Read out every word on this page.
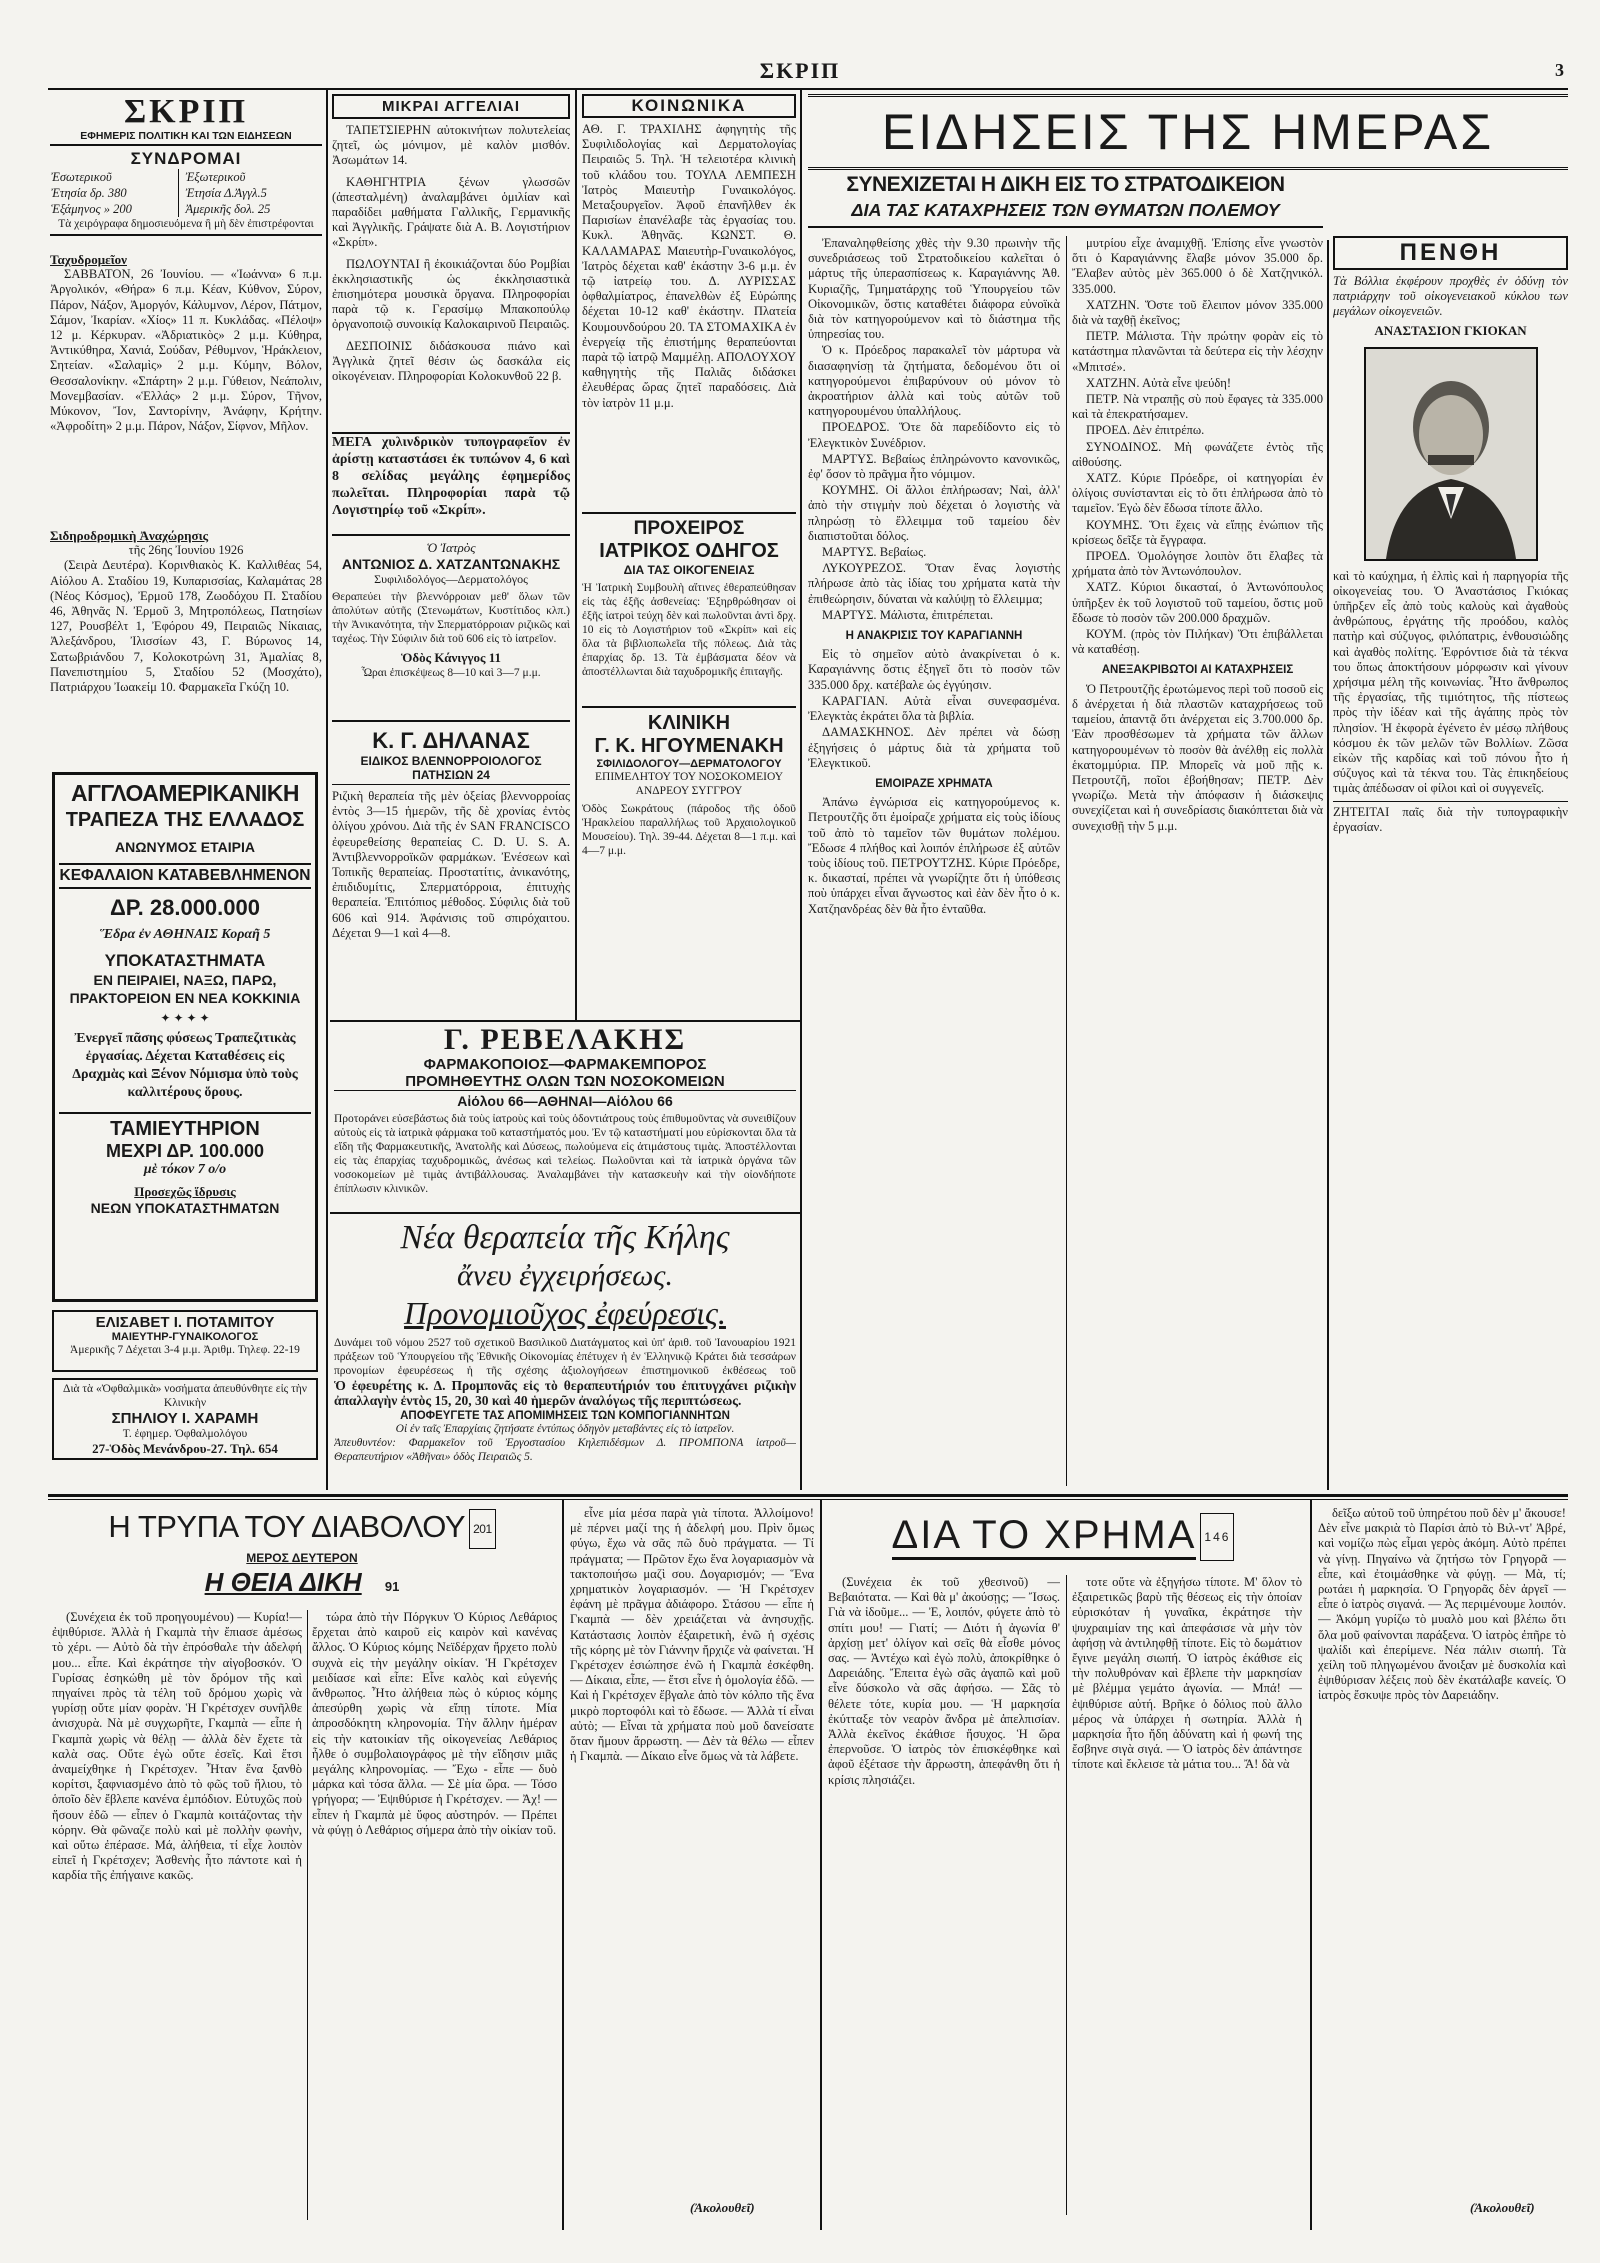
ΣΚΡΙΠ	3
ΣΚΡΙΠ
ΕΦΗΜΕΡΙΣ ΠΟΛΙΤΙΚΗ ΚΑΙ ΤΩΝ ΕΙΔΗΣΕΩΝ
ΣΥΝΔΡΟΜΑΙ
Ἐσωτερικοῦ	Ἐξωτερικοῦ
Ἐτησία δρ. 380	Ἐτησία Δ.Ἀγγλ.5
Ἑξάμηνος » 200	Ἀμερικῆς δολ. 25
Τὰ χειρόγραφα δημοσιευόμενα ἢ μὴ δὲν ἐπιστρέφονται
Ταχυδρομεῖον

ΣΑΒΒΑΤΟΝ, 26 Ἰουνίου. — «Ἰωάννα» 6 π.μ. Ἀργολικόν, «Θήρα» 6 π.μ. Κέαν, Κύθνον, Σύρον, Πάρον, Νάξον, Ἀμοργόν, Κάλυμνον, Λέρον, Πάτμον, Σάμον, Ἰκαρίαν. «Χίος» 11 π. Κυκλάδας. «Πέλοψ» 12 μ. Κέρκυραν. «Ἀδριατικὸς» 2 μ.μ. Κύθηρα, Ἀντικύθηρα, Χανιά, Σούδαν, Ρέθυμνον, Ἡράκλειον, Σητείαν. «Σαλαμὶς» 2 μ.μ. Κύμην, Βόλον, Θεσσαλονίκην. «Σπάρτη» 2 μ.μ. Γύθειον, Νεάπολιν, Μονεμβασίαν. «Ἑλλάς» 2 μ.μ. Σύρον, Τῆνον, Μύκονον, Ἴον, Σαντορίνην, Ἀνάφην, Κρήτην. «Ἀφροδίτη» 2 μ.μ. Πάρον, Νάξον, Σίφνον, Μῆλον.

Σιδηροδρομικὴ Ἀναχώρησις
τῆς 26ης Ἰουνίου 1926

(Σειρὰ Δευτέρα). Κορινθιακὸς Κ. Καλλιθέας 54, Αἰόλου Α. Σταδίου 19, Κυπαρισσίας, Καλαμάτας 28 (Νέος Κόσμος), Ἐρμοῦ 178, Ζωοδόχου Π. Σταδίου 46, Ἀθηνᾶς Ν. Ἐρμοῦ 3, Μητροπόλεως, Πατησίων 127, Ρουσβέλτ 1, Ἐφόρου 49, Πειραιῶς Νίκαιας, Ἀλεξάνδρου, Ἰλισσίων 43, Γ. Βύρωνος 14, Σατωβριάνδου 7, Κολοκοτρώνη 31, Ἀμαλίας 8, Πανεπιστημίου 5, Σταδίου 52 (Μοσχάτο), Πατριάρχου Ἰωακείμ 10. Φαρμακεῖα Γκύζη 10.

ΑΓΓΛΟΑΜΕΡΙΚΑΝΙΚΗ
ΤΡΑΠΕΖΑ ΤΗΣ ΕΛΛΑΔΟΣ
ΑΝΩΝΥΜΟΣ ΕΤΑΙΡΙΑ
ΚΕΦΑΛΑΙΟΝ ΚΑΤΑΒΕΒΛΗΜΕΝΟΝ
ΔΡ. 28.000.000
Ἕδρα ἐν ΑΘΗΝΑΙΣ Κοραῆ 5
ΥΠΟΚΑΤΑΣΤΗΜΑΤΑ
ΕΝ ΠΕΙΡΑΙΕΙ, ΝΑΞΩ, ΠΑΡΩ, ΠΡΑΚΤΟΡΕΙΟΝ ΕΝ ΝΕΑ ΚΟΚΚΙΝΙΑ
✦ ✦ ✦ ✦
Ἐνεργεῖ πᾶσης φύσεως Τραπεζιτικὰς ἐργασίας. Δέχεται Καταθέσεις εἰς Δραχμὰς καὶ Ξένον Νόμισμα ὑπὸ τοὺς καλλιτέρους ὅρους.
ΤΑΜΙΕΥΤΗΡΙΟΝ
ΜΕΧΡΙ ΔΡ. 100.000
μὲ τόκον 7 ο/ο
Προσεχῶς ἵδρυσις
ΝΕΩΝ ΥΠΟΚΑΤΑΣΤΗΜΑΤΩΝ
ΕΛΙΣΑΒΕΤ Ι. ΠΟΤΑΜΙΤΟΥ
ΜΑΙΕΥΤΗΡ-ΓΥΝΑΙΚΟΛΟΓΟΣ
Ἀμερικῆς 7 Δέχεται 3-4 μ.μ. Ἀριθμ. Τηλεφ. 22-19
Διὰ τὰ «Ὀφθαλμικὰ» νοσήματα ἀπευθύνθητε εἰς τὴν Κλινικὴν
ΣΠΗΛΙΟΥ Ι. ΧΑΡΑΜΗ
Τ. ἐφημερ. Ὀφθαλμολόγου
27-Ὁδὸς Μενάνδρου-27. Τηλ. 654
ΜΙΚΡΑΙ ΑΓΓΕΛΙΑΙ

ΤΑΠΕΤΣΙΕΡΗΝ αὐτοκινήτων πολυτελείας ζητεῖ, ὡς μόνιμον, μὲ καλὸν μισθόν. Ἀσωμάτων 14.

ΚΑΘΗΓΗΤΡΙΑ ξένων γλωσσῶν (ἀπεσταλμένη) ἀναλαμβάνει ὁμιλίαν καὶ παραδίδει μαθήματα Γαλλικῆς, Γερμανικῆς καὶ Ἀγγλικῆς. Γράψατε διὰ Α. Β. Λογιστήριον «Σκρίπ».

ΠΩΛΟΥΝΤΑΙ ἢ ἐκοικιάζονται δύο Ρομβίαι ἐκκλησιαστικῆς ὡς ἐκκλησιαστικὰ ἐπισημότερα μουσικὰ ὄργανα. Πληροφορίαι παρὰ τῷ κ. Γερασίμῳ Μπακοπούλῳ ὀργανοποιῷ συνοικίᾳ Καλοκαιρινοῦ Πειραιῶς.

ΔΕΣΠΟΙΝΙΣ διδάσκουσα πιάνο καὶ Ἀγγλικὰ ζητεῖ θέσιν ὡς δασκάλα εἰς οἰκογένειαν. Πληροφορίαι Κολοκυνθοῦ 22 β.

ΜΕΓΑ χυλινδρικὸν τυπογραφεῖον ἐν ἀρίστῃ καταστάσει ἐκ τυπώνον 4, 6 καὶ 8 σελίδας μεγάλης ἐφημερίδος πωλεῖται. Πληροφορίαι παρὰ τῷ Λογιστηρίῳ τοῦ «Σκρίπ».
Ὁ Ἰατρὸς
ΑΝΤΩΝΙΟΣ Δ. ΧΑΤΖΑΝΤΩΝΑΚΗΣ
Συφιλιδολόγος—Δερματολόγος
Θεραπεύει τὴν βλεννόρροιαν μεθ' ὅλων τῶν ἀπολύτων αὐτῆς (Στενωμάτων, Κυστίτιδος κλπ.) τὴν Ἀνικανότητα, τὴν Σπερματόρροιαν ριζικῶς καὶ ταχέως. Τὴν Σύφιλιν διὰ τοῦ 606 εἰς τὸ ἰατρεῖον.
Ὁδὸς Κάνιγγος 11
Ὧραι ἐπισκέψεως 8—10 καὶ 3—7 μ.μ.
Κ. Γ. ΔΗΛΑΝΑΣ
ΕΙΔΙΚΟΣ ΒΛΕΝΝΟΡΡΟΙΟΛΟΓΟΣ
ΠΑΤΗΣΙΩΝ 24
Ριζικὴ θεραπεία τῆς μὲν ὀξείας βλεννορροίας ἐντὸς 3—15 ἡμερῶν, τῆς δὲ χρονίας ἐντὸς ὀλίγου χρόνου. Διὰ τῆς ἐν SAN FRANCISCO ἐφευρεθείσης θεραπείας C. D. U. S. A. Ἀντιβλεννορροϊκῶν φαρμάκων. Ἐνέσεων καὶ Τοπικῆς θεραπείας. Προστατίτις, ἀνικανότης, ἐπιδιδυμίτις, Σπερματόρροια, ἐπιτυχὴς θεραπεία. Ἐπιτόπιος μέθοδος. Σύφιλις διὰ τοῦ 606 καὶ 914. Ἀφάνισις τοῦ σπιρόχαιτου. Δέχεται 9—1 καὶ 4—8.
ΚΟΙΝΩΝΙΚΑ
ΑΘ. Γ. ΤΡΑΧΙΛΗΣ ἀφηγητὴς τῆς Συφιλιδολογίας καὶ Δερματολογίας Πειραιῶς 5. Τηλ. Ἡ τελειοτέρα κλινικὴ τοῦ κλάδου του. ΤΟΥΛΑ ΛΕΜΠΕΣΗ Ἰατρὸς Μαιευτὴρ Γυναικολόγος. Μεταξουργεῖον. Ἀφοῦ ἐπανῆλθεν ἐκ Παρισίων ἐπανέλαβε τὰς ἐργασίας του. Κυκλ. Ἀθηνᾶς. ΚΩΝΣΤ. Θ. ΚΑΛΑΜΑΡΑΣ Μαιευτὴρ-Γυναικολόγος, Ἰατρὸς δέχεται καθ' ἑκάστην 3-6 μ.μ. ἐν τῷ ἰατρείῳ του. Δ. ΛΥΡΙΣΣΑΣ ὀφθαλμίατρος, ἐπανελθὼν ἐξ Εὐρώπης δέχεται 10-12 καθ' ἑκάστην. Πλατεία Κουμουνδούρου 20. ΤΑ ΣΤΟΜΑΧΙΚΑ ἐν ἐνεργείᾳ τῆς ἐπιστήμης θεραπεύονται παρὰ τῷ ἰατρῷ Μαμμέλῃ. ΑΠΟΛΟΥΧΟΥ καθηγητὴς τῆς Παλιᾶς διδάσκει ἐλευθέρας ὥρας ζητεῖ παραδόσεις. Διὰ τὸν ἰατρὸν 11 μ.μ.
ΠΡΟΧΕΙΡΟΣ
ΙΑΤΡΙΚΟΣ ΟΔΗΓΟΣ
ΔΙΑ ΤΑΣ ΟΙΚΟΓΕΝΕΙΑΣ
Ἡ Ἰατρικὴ Συμβουλὴ αἵτινες ἐθεραπεύθησαν εἰς τὰς ἐξῆς ἀσθενείας: Ἐξηρθρώθησαν οἱ ἐξῆς ἰατροὶ τεύχη δὲν καὶ πωλοῦνται ἀντὶ δρχ. 10 εἰς τὸ Λογιστήριον τοῦ «Σκρίπ» καὶ εἰς ὅλα τὰ βιβλιοπωλεῖα τῆς πόλεως. Διὰ τὰς ἐπαρχίας δρ. 13. Τὰ ἐμβάσματα δέον νὰ ἀποστέλλωνται διὰ ταχυδρομικῆς ἐπιταγῆς.
ΚΛΙΝΙΚΗ
Γ. Κ. ΗΓΟΥΜΕΝΑΚΗ
ΣΦΙΛΙΔΟΛΟΓΟΥ—ΔΕΡΜΑΤΟΛΟΓΟΥ
ΕΠΙΜΕΛΗΤΟΥ ΤΟΥ ΝΟΣΟΚΟΜΕΙΟΥ ΑΝΔΡΕΟΥ ΣΥΓΓΡΟΥ
Ὁδὸς Σωκράτους (πάροδος τῆς ὁδοῦ Ἡρακλείου παραλλήλως τοῦ Ἀρχαιολογικοῦ Μουσείου). Τηλ. 39-44. Δέχεται 8—1 π.μ. καὶ 4—7 μ.μ.
Γ. ΡΕΒΕΛΑΚΗΣ
ΦΑΡΜΑΚΟΠΟΙΟΣ—ΦΑΡΜΑΚΕΜΠΟΡΟΣ
ΠΡΟΜΗΘΕΥΤΗΣ ΟΛΩΝ ΤΩΝ ΝΟΣΟΚΟΜΕΙΩΝ
Αἰόλου 66—ΑΘΗΝΑΙ—Αἰόλου 66
Προτοράνει εὐσεβάστως διὰ τοὺς ἰατροὺς καὶ τοὺς ὀδοντιάτρους τοὺς ἐπιθυμοῦντας νὰ συνειθίζουν αὐτοὺς εἰς τὰ ἰατρικὰ φάρμακα τοῦ καταστήματός μου. Ἐν τῷ καταστήματί μου εὑρίσκονται ὅλα τὰ εἴδη τῆς Φαρμακευτικῆς, Ἀνατολῆς καὶ Δύσεως, πωλούμενα εἰς ἀτιμάστους τιμὰς. Ἀποστέλλονται εἰς τὰς ἐπαρχίας ταχυδρομικῶς, ἀνέσως καὶ τελείως. Πωλοῦνται καὶ τὰ ἰατρικὰ ὀργάνα τῶν νοσοκομείων μὲ τιμὰς ἀντιβάλλουσας. Ἀναλαμβάνει τὴν κατασκευὴν καὶ τὴν οἰονδήποτε ἐπίπλωσιν κλινικῶν.
Νέα θεραπεία τῆς Κήλης
ἄνευ ἐγχειρήσεως.
Προνομιοῦχος ἐφεύρεσις.
Δυνάμει τοῦ νόμου 2527 τοῦ σχετικοῦ Βασιλικοῦ Διατάγματος καὶ ὑπ' ἀριθ. τοῦ Ἰανουαρίου 1921 πράξεων τοῦ Ὑπουργείου τῆς Ἐθνικῆς Οἰκονομίας ἐπέτυχεν ἡ ἐν Ἑλληνικῷ Κράτει διὰ τεσσάρων προνομίων ἐφευρέσεως ἡ τῆς σχέσης ἀξιολογήσεων ἐπιστημονικοῦ ἐκθέσεως τοῦ
Ὁ ἐφευρέτης κ. Δ. Προμπονᾶς εἰς τὸ θεραπευτήριόν του ἐπιτυγχάνει ριζικὴν ἀπαλλαγὴν ἐντὸς 15, 20, 30 καὶ 40 ἡμερῶν ἀναλόγως τῆς περιπτώσεως.
ΑΠΟΦΕΥΓΕΤΕ ΤΑΣ ΑΠΟΜΙΜΗΣΕΙΣ ΤΩΝ ΚΟΜΠΟΓΙΑΝΝΗΤΩΝ
Οἱ ἐν ταῖς Ἐπαρχίαις ζητήσατε ἐντύπως ὁδηγὸν μεταβάντες εἰς τὸ ἰατρεῖον.
Ἀπευθυντέον: Φαρμακεῖον τοῦ Ἐργοστασίου Κηλεπιδέσμων Δ. ΠΡΟΜΠΟΝΑ ἰατροῦ—Θεραπευτήριον «Ἀθῆναι» ὁδὸς Πειραιῶς 5.
ΕΙΔΗΣΕΙΣ ΤΗΣ ΗΜΕΡΑΣ
ΣΥΝΕΧΙΖΕΤΑΙ Η ΔΙΚΗ ΕΙΣ ΤΟ ΣΤΡΑΤΟΔΙΚΕΙΟΝ
ΔΙΑ ΤΑΣ ΚΑΤΑΧΡΗΣΕΙΣ ΤΩΝ ΘΥΜΑΤΩΝ ΠΟΛΕΜΟΥ

Ἐπαναληφθείσης χθὲς τὴν 9.30 πρωινὴν τῆς συνεδριάσεως τοῦ Στρατοδικείου καλεῖται ὁ μάρτυς τῆς ὑπερασπίσεως κ. Καραγιάννης Ἀθ. Κυριαζῆς, Τμηματάρχης τοῦ Ὑπουργείου τῶν Οἰκονομικῶν, ὅστις καταθέτει διάφορα εὐνοϊκὰ διὰ τὸν κατηγορούμενον καὶ τὸ διάστημα τῆς ὑπηρεσίας του.

Ὁ κ. Πρόεδρος παρακαλεῖ τὸν μάρτυρα νὰ διασαφηνίσῃ τὰ ζητήματα, δεδομένου ὅτι οἱ κατηγορούμενοι ἐπιβαρύνουν οὐ μόνον τὸ ἀκροατήριον ἀλλὰ καὶ τοὺς αὐτῶν τοῦ κατηγορουμένου ὑπαλλήλους.

ΠΡΟΕΔΡΟΣ. Ὅτε δὰ παρεδίδοντο εἰς τὸ Ἐλεγκτικὸν Συνέδριον.

ΜΑΡΤΥΣ. Βεβαίως ἐπληρώνοντο κανονικῶς, ἐφ' ὅσον τὸ πρᾶγμα ἦτο νόμιμον.

ΚΟΥΜΗΣ. Οἱ ἄλλοι ἐπλήρωσαν; Ναὶ, ἀλλ' ἀπὸ τὴν στιγμὴν ποὺ δέχεται ὁ λογιστὴς νὰ πληρώσῃ τὸ ἔλλειμμα τοῦ ταμείου δὲν διαπιστοῦται δόλος.

ΜΑΡΤΥΣ. Βεβαίως.

ΛΥΚΟΥΡΕΖΟΣ. Ὅταν ἕνας λογιστὴς πλήρωσε ἀπὸ τὰς ἰδίας του χρήματα κατὰ τὴν ἐπιθεώρησιν, δύναται νὰ καλύψῃ τὸ ἔλλειμμα;

ΜΑΡΤΥΣ. Μάλιστα, ἐπιτρέπεται.

Η ΑΝΑΚΡΙΣΙΣ ΤΟΥ ΚΑΡΑΓΙΑΝΝΗ

Εἰς τὸ σημεῖον αὐτὸ ἀνακρίνεται ὁ κ. Καραγιάννης ὅστις ἐξηγεῖ ὅτι τὸ ποσὸν τῶν 335.000 δρχ. κατέβαλε ὡς ἐγγύησιν.

ΚΑΡΑΓΙΑΝ. Αὐτὰ εἶναι συνεφασμένα. Ἐλεγκτὰς ἐκράτει ὅλα τὰ βιβλία.

ΔΑΜΑΣΚΗΝΟΣ. Δὲν πρέπει νὰ δώσῃ ἐξηγήσεις ὁ μάρτυς διὰ τὰ χρήματα τοῦ Ἐλεγκτικοῦ.

ΕΜΟΙΡΑΖΕ ΧΡΗΜΑΤΑ

Ἀπάνω ἐγνώρισα εἰς κατηγορούμενος κ. Πετρουτζῆς ὅτι ἐμοίραζε χρήματα εἰς τοὺς ἰδίους τοῦ ἀπὸ τὸ ταμεῖον τῶν θυμάτων πολέμου. Ἔδωσε 4 πλήθος καὶ λοιπόν ἐπλήρωσε ἐξ αὐτῶν τοὺς ἰδίους τοῦ. ΠΕΤΡΟΥΤΖΗΣ. Κύριε Πρόεδρε, κ. δικασταί, πρέπει νὰ γνωρίζητε ὅτι ἡ ὑπόθεσις ποὺ ὑπάρχει εἶναι ἄγνωστος καὶ ἐὰν δὲν ἦτο ὁ κ. Χατζηανδρέας δὲν θὰ ἦτο ἐνταῦθα.

μυτρίου εἶχε ἀναμιχθῇ. Ἐπίσης εἶνε γνωστὸν ὅτι ὁ Καραγιάννης ἔλαβε μόνον 35.000 δρ. Ἔλαβεν αὐτὸς μὲν 365.000 ὁ δὲ Χατζηνικόλ. 335.000.

ΧΑΤΖΗΝ. Ὅστε τοῦ ἔλειπον μόνον 335.000 διὰ νὰ ταχθῇ ἐκεῖνος;

ΠΕΤΡ. Μάλιστα. Τὴν πρώτην φορὰν εἰς τὸ κατάστημα πλανῶνται τὰ δεύτερα εἰς τὴν λέσχην «Μπιτσέ».

ΧΑΤΖΗΝ. Αὐτὰ εἶνε ψεύδη!

ΠΕΤΡ. Νὰ ντραπῇς σὺ ποὺ ἔφαγες τὰ 335.000 καὶ τὰ ἐπεκρατήσαμεν.

ΠΡΟΕΔ. Δὲν ἐπιτρέπω.

ΣΥΝΟΔΙΝΟΣ. Μὴ φωνάζετε ἐντὸς τῆς αἰθούσης.

ΧΑΤΖ. Κύριε Πρόεδρε, οἱ κατηγορίαι ἐν ὀλίγοις συνίστανται εἰς τὸ ὅτι ἐπλήρωσα ἀπὸ τὸ ταμεῖον. Ἐγὼ δὲν ἔδωσα τίποτε ἄλλο.

ΚΟΥΜΗΣ. Ὅτι ἔχεις νὰ εἴπῃς ἐνώπιον τῆς κρίσεως δεῖξε τὰ ἔγγραφα.

ΠΡΟΕΔ. Ὁμολόγησε λοιπὸν ὅτι ἔλαβες τὰ χρήματα ἀπὸ τὸν Ἀντωνόπουλον.

ΧΑΤΖ. Κύριοι δικασταί, ὁ Ἀντωνόπουλος ὑπῆρξεν ἐκ τοῦ λογιστοῦ τοῦ ταμείου, ὅστις μοῦ ἔδωσε τὸ ποσὸν τῶν 200.000 δραχμῶν.

ΚΟΥΜ. (πρὸς τὸν Πιλήκαν) Ὅτι ἐπιβάλλεται νὰ καταθέσῃ.

ΑΝΕΞΑΚΡΙΒΩΤΟΙ ΑΙ ΚΑΤΑΧΡΗΣΕΙΣ

Ὁ Πετρουτζῆς ἐρωτώμενος περὶ τοῦ ποσοῦ εἰς δ ἀνέρχεται ἡ διὰ πλαστῶν καταχρήσεως τοῦ ταμείου, ἀπαντᾷ ὅτι ἀνέρχεται εἰς 3.700.000 δρ. Ἐὰν προσθέσωμεν τὰ χρήματα τῶν ἄλλων κατηγορουμένων τὸ ποσὸν θὰ ἀνέλθῃ εἰς πολλὰ ἑκατομμύρια. ΠΡ. Μπορεῖς νὰ μοῦ πῇς κ. Πετρουτζῆ, ποῖοι ἐβοήθησαν; ΠΕΤΡ. Δὲν γνωρίζω. Μετὰ τὴν ἀπόφασιν ἡ διάσκεψις συνεχίζεται καὶ ἡ συνεδρίασις διακόπτεται διὰ νὰ συνεχισθῇ τὴν 5 μ.μ.

ΠΕΝΘΗ
Τὰ Βόλλια ἐκφέρουν προχθὲς ἐν ὀδύνῃ τὸν πατριάρχην τοῦ οἰκογενειακοῦ κύκλου των μεγάλων οἰκογενειῶν.
ΑΝΑΣΤΑΣΙΟΝ ΓΚΙΟΚΑΝ
καὶ τὸ καύχημα, ἡ ἐλπὶς καὶ ἡ παρηγορία τῆς οἰκογενείας του. Ὁ Ἀναστάσιος Γκιόκας ὑπῆρξεν εἷς ἀπὸ τοὺς καλοὺς καὶ ἀγαθοὺς ἀνθρώπους, ἐργάτης τῆς προόδου, καλὸς πατὴρ καὶ σύζυγος, φιλόπατρις, ἐνθουσιώδης καὶ ἀγαθὸς πολίτης. Ἐφρόντισε διὰ τὰ τέκνα του ὅπως ἀποκτήσουν μόρφωσιν καὶ γίνουν χρήσιμα μέλη τῆς κοινωνίας. Ἦτο ἄνθρωπος τῆς ἐργασίας, τῆς τιμιότητος, τῆς πίστεως πρὸς τὴν ἰδέαν καὶ τῆς ἀγάπης πρὸς τὸν πλησίον. Ἡ ἐκφορὰ ἐγένετο ἐν μέσῳ πλήθους κόσμου ἐκ τῶν μελῶν τῶν Βολλίων. Ζῶσα εἰκὼν τῆς καρδίας καὶ τοῦ πόνου ἦτο ἡ σύζυγος καὶ τὰ τέκνα του. Τὰς ἐπικηδείους τιμὰς ἀπέδωσαν οἱ φίλοι καὶ οἱ συγγενεῖς.
ΖΗΤΕΙΤΑΙ παῖς διὰ τὴν τυπογραφικὴν ἐργασίαν.
Η ΤΡΥΠΑ ΤΟΥ ΔΙΑΒΟΛΟΥ 201
ΜΕΡΟΣ ΔΕΥΤΕΡΟΝ
Η ΘΕΙΑ ΔΙΚΗ 91
(Συνέχεια ἐκ τοῦ προηγουμένου) — Κυρία!—ἐψιθύρισε. Ἀλλὰ ἡ Γκαμπὰ τὴν ἔπιασε ἀμέσως τὸ χέρι. — Αὐτὸ δὰ τὴν ἐπρόσθαλε τὴν ἀδελφή μου... εἶπε. Καὶ ἐκράτησε τὴν αἰγοβοσκόν. Ὁ Γυρίσας ἐσηκώθη μὲ τὸν δρόμον τῆς καὶ πηγαίνει πρὸς τὰ τέλη τοῦ δρόμου χωρὶς νὰ γυρίσῃ οὔτε μίαν φορὰν. Ἡ Γκρέτσχεν συνῆλθε ἀνισχυρὰ. Νὰ μὲ συγχωρῆτε, Γκαμπὰ — εἶπε ἡ Γκαμπὰ χωρὶς νὰ θέλῃ — ἀλλὰ δὲν ἔχετε τὰ καλὰ σας. Οὔτε ἐγὼ οὔτε ἐσεῖς. Καὶ ἔτσι ἀναμείχθηκε ἡ Γκρέτσχεν. Ἦταν ἕνα ξανθὸ κορίτσι, ξαφνιασμένο ἀπὸ τὸ φῶς τοῦ ἥλιου, τὸ ὁποῖο δὲν ἔβλεπε κανένα ἐμπόδιον. Εὐτυχῶς ποὺ ἥσουν ἐδῶ — εἶπεν ὁ Γκαμπὰ κοιτάζοντας τὴν κόρην. Θὰ φῶναζε πολὺ καὶ μὲ πολλὴν φωνὴν, καὶ οὕτω ἐπέρασε. Μά, ἀλήθεια, τί εἶχε λοιπὸν εἰπεῖ ἡ Γκρέτσχεν; Ἀσθενὴς ἦτο πάντοτε καὶ ἡ καρδία τῆς ἐπήγαινε κακῶς.
τώρα ἀπὸ τὴν Πόργκυν Ὁ Κύριος Λεθάριος ἔρχεται ἀπὸ καιροῦ εἰς καιρὸν καὶ κανένας ἄλλος. Ὁ Κύριος κόμης Νεϊδέρχαν ἤρχετο πολὺ συχνὰ εἰς τὴν μεγάλην οἰκίαν. Ἡ Γκρέτσχεν μειδίασε καὶ εἶπε: Εἶνε καλὸς καὶ εὐγενής ἄνθρωπος. Ἦτο ἀλήθεια πὼς ὁ κύριος κόμης ἀπεσύρθη χωρὶς νὰ εἴπῃ τίποτε. Μία ἀπροσδόκητη κληρονομία. Τὴν ἄλλην ἡμέραν εἰς τὴν κατοικίαν τῆς οἰκογενείας Λεθάριος ἦλθε ὁ συμβολαιογράφος μὲ τὴν εἴδησιν μιᾶς μεγάλης κληρονομίας. — Ἔχω - εἶπε — δυὸ μάρκα καὶ τόσα ἄλλα. — Σὲ μία ὥρα. — Τόσο γρήγορα; — Ἐψιθύρισε ἡ Γκρέτσχεν. — Ἀχ! — εἶπεν ἡ Γκαμπὰ μὲ ὕφος αὐστηρόν. — Πρέπει νὰ φύγῃ ὁ Λεθάριος σήμερα ἀπὸ τὴν οἰκίαν τοῦ.
εἶνε μία μέσα παρὰ γιὰ τίποτα. Ἀλλοίμονο! μὲ πέρνει μαζί της ἡ ἀδελφή μου. Πρὶν ὅμως φύγω, ἔχω νὰ σᾶς πῶ δυὸ πράγματα. — Τί πράγματα; — Πρῶτον ἔχω ἕνα λογαριασμὸν νὰ τακτοποιήσω μαζὶ σου. Δογαρισμόν; — Ἕνα χρηματικὸν λογαριασμόν. — Ἡ Γκρέτσχεν ἐφάνη μὲ πρᾶγμα ἀδιάφορο. Στάσου — εἶπε ἡ Γκαμπὰ — δὲν χρειάζεται νὰ ἀνησυχῇς. Κατάστασις λοιπὸν ἐξαιρετικὴ, ἐνῶ ἡ σχέσις τῆς κόρης μὲ τὸν Γιάννην ἤρχιζε νὰ φαίνεται. Ἡ Γκρέτσχεν ἐσιώπησε ἐνῶ ἡ Γκαμπὰ ἐσκέφθη. — Δίκαια, εἶπε, — ἔτσι εἶνε ἡ ὁμολογία ἐδῶ. — Καὶ ἡ Γκρέτσχεν ἔβγαλε ἀπὸ τὸν κόλπο τῆς ἕνα μικρὸ πορτοφόλι καὶ τὸ ἔδωσε. — Ἀλλὰ τί εἶναι αὐτὸ; — Εἶναι τὰ χρήματα ποὺ μοῦ δανείσατε ὅταν ἤμουν ἄρρωστη. — Δὲν τὰ θέλω — εἶπεν ἡ Γκαμπὰ. — Δίκαιο εἶνε ὅμως νὰ τὰ λάβετε.
(Ἀκολουθεῖ)
ΔΙΑ ΤΟ ΧΡΗΜΑ 146
(Συνέχεια ἐκ τοῦ χθεσινοῦ) — Βεβαιότατα. — Καὶ θὰ μ' ἀκούσῃς; — Ἴσως. Γιὰ νὰ ἰδοῦμε... — Ἐ, λοιπόν, φύγετε ἀπὸ τὸ σπίτι μου! — Γιατί; — Διότι ἡ ἀγωνία θ' ἀρχίσῃ μετ' ὀλίγον καὶ σεῖς θὰ εἶσθε μόνος σας. — Ἀντέχω καὶ ἐγὼ πολὺ, ἀποκρίθηκε ὁ Δαρειάδης. Ἔπειτα ἐγὼ σᾶς ἀγαπῶ καὶ μοῦ εἶνε δύσκολο νὰ σᾶς ἀφήσω. — Σᾶς τὸ θέλετε τότε, κυρία μου. — Ἡ μαρκησία ἐκύτταξε τὸν νεαρὸν ἄνδρα μὲ ἀπελπισίαν. Ἀλλὰ ἐκεῖνος ἐκάθισε ἥσυχος. Ἡ ὥρα ἐπερνοῦσε. Ὁ ἰατρὸς τὸν ἐπισκέφθηκε καὶ ἀφοῦ ἐξέτασε τὴν ἄρρωστη, ἀπεφάνθη ὅτι ἡ κρίσις πλησιάζει.
τοτε οὔτε νὰ ἐξηγήσω τίποτε. Μ' ὅλον τὸ ἐξαιρετικῶς βαρὺ τῆς θέσεως εἰς τὴν ὁποίαν εὑρισκόταν ἡ γυναῖκα, ἐκράτησε τὴν ψυχραιμίαν της καὶ ἀπεφάσισε νὰ μὴν τὸν ἀφήσῃ νὰ ἀντιληφθῇ τίποτε. Εἰς τὸ δωμάτιον ἔγινε μεγάλη σιωπή. Ὁ ἰατρὸς ἐκάθισε εἰς τὴν πολυθρόναν καὶ ἔβλεπε τὴν μαρκησίαν μὲ βλέμμα γεμάτο ἀγωνία. — Μπά! — ἐψιθύρισε αὐτή. Βρῆκε ὁ δόλιος ποὺ ἄλλο μέρος νὰ ὑπάρχει ἡ σωτηρία. Ἀλλὰ ἡ μαρκησία ἦτο ἤδη ἀδύνατη καὶ ἡ φωνή της ἔσβηνε σιγὰ σιγά. — Ὁ ἰατρὸς δὲν ἀπάντησε τίποτε καὶ ἔκλεισε τὰ μάτια του... Ἄ! δὰ νὰ
δεῖξω αὐτοῦ τοῦ ὑπηρέτου ποῦ δὲν μ' ἄκουσε! Δὲν εἶνε μακριὰ τὸ Παρίσι ἀπὸ τὸ Βιλ-ντ' Ἀβρέ, καὶ νομίζω πὼς εἶμαι γερὸς ἀκόμη. Αὐτὸ πρέπει νὰ γίνῃ. Πηγαίνω νὰ ζητήσω τὸν Γρηγορᾶ — εἶπε, καὶ ἐτοιμάσθηκε νὰ φύγῃ. — Μὰ, τί; ρωτάει ἡ μαρκησία. Ὁ Γρηγορᾶς δὲν ἀργεῖ — εἶπε ὁ ἰατρὸς σιγανά. — Ἀς περιμένουμε λοιπόν. — Ἀκόμη γυρίζω τὸ μυαλὸ μου καὶ βλέπω ὅτι ὅλα μοῦ φαίνονται παράξενα. Ὁ ἰατρὸς ἐπῆρε τὸ ψαλίδι καὶ ἐπερίμενε. Νέα πάλιν σιωπή. Τὰ χείλη τοῦ πληγωμένου ἄνοιξαν μὲ δυσκολία καὶ ἐψιθύρισαν λέξεις ποὺ δὲν ἐκατάλαβε κανείς. Ὁ ἰατρὸς ἔσκυψε πρὸς τὸν Δαρειάδην.
(Ἀκολουθεῖ)
